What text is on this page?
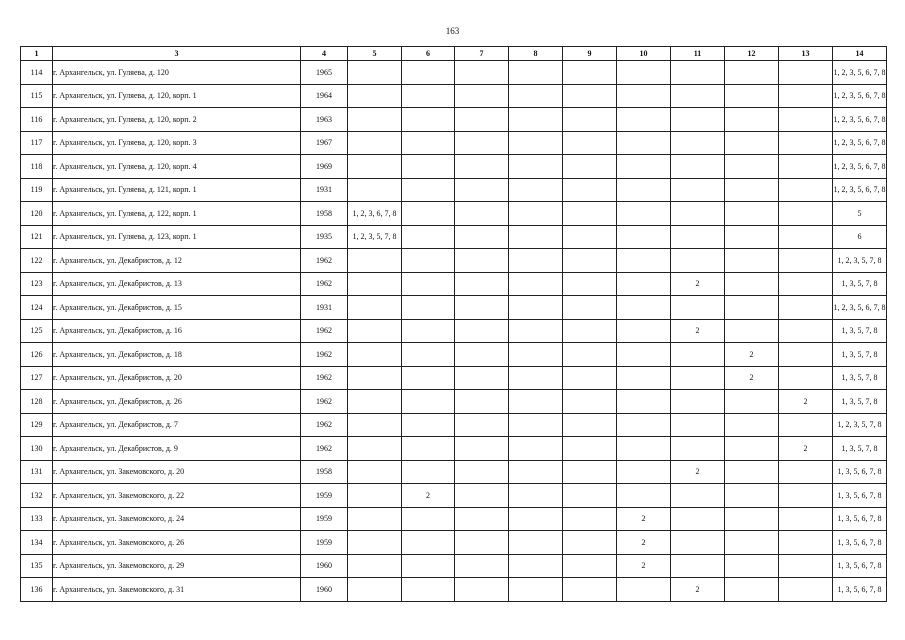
163
1	3	4	5	6	7	8	9	10	11	12	13	14
114	г. Архангельск, ул. Гуляева, д. 120	1965										1, 2, 3, 5, 6, 7, 8
115	г. Архангельск, ул. Гуляева, д. 120, корп. 1	1964										1, 2, 3, 5, 6, 7, 8
116	г. Архангельск, ул. Гуляева, д. 120, корп. 2	1963										1, 2, 3, 5, 6, 7, 8
117	г. Архангельск, ул. Гуляева, д. 120, корп. 3	1967										1, 2, 3, 5, 6, 7, 8
118	г. Архангельск, ул. Гуляева, д. 120, корп. 4	1969										1, 2, 3, 5, 6, 7, 8
119	г. Архангельск, ул. Гуляева, д. 121, корп. 1	1931										1, 2, 3, 5, 6, 7, 8
120	г. Архангельск, ул. Гуляева, д. 122, корп. 1	1958	1, 2, 3, 6, 7, 8									5
121	г. Архангельск, ул. Гуляева, д. 123, корп. 1	1935	1, 2, 3, 5, 7, 8									6
122	г. Архангельск, ул. Декабристов, д. 12	1962										1, 2, 3, 5, 7, 8
123	г. Архангельск, ул. Декабристов, д. 13	1962							2			1, 3, 5, 7, 8
124	г. Архангельск, ул. Декабристов, д. 15	1931										1, 2, 3, 5, 6, 7, 8
125	г. Архангельск, ул. Декабристов, д. 16	1962							2			1, 3, 5, 7, 8
126	г. Архангельск, ул. Декабристов, д. 18	1962								2		1, 3, 5, 7, 8
127	г. Архангельск, ул. Декабристов, д. 20	1962								2		1, 3, 5, 7, 8
128	г. Архангельск, ул. Декабристов, д. 26	1962									2	1, 3, 5, 7, 8
129	г. Архангельск, ул. Декабристов, д. 7	1962										1, 2, 3, 5, 7, 8
130	г. Архангельск, ул. Декабристов, д. 9	1962									2	1, 3, 5, 7, 8
131	г. Архангельск, ул. Закемовского, д. 20	1958							2			1, 3, 5, 6, 7, 8
132	г. Архангельск, ул. Закемовского, д. 22	1959		2								1, 3, 5, 6, 7, 8
133	г. Архангельск, ул. Закемовского, д. 24	1959						2				1, 3, 5, 6, 7, 8
134	г. Архангельск, ул. Закемовского, д. 26	1959						2				1, 3, 5, 6, 7, 8
135	г. Архангельск, ул. Закемовского, д. 29	1960						2				1, 3, 5, 6, 7, 8
136	г. Архангельск, ул. Закемовского, д. 31	1960							2			1, 3, 5, 6, 7, 8
